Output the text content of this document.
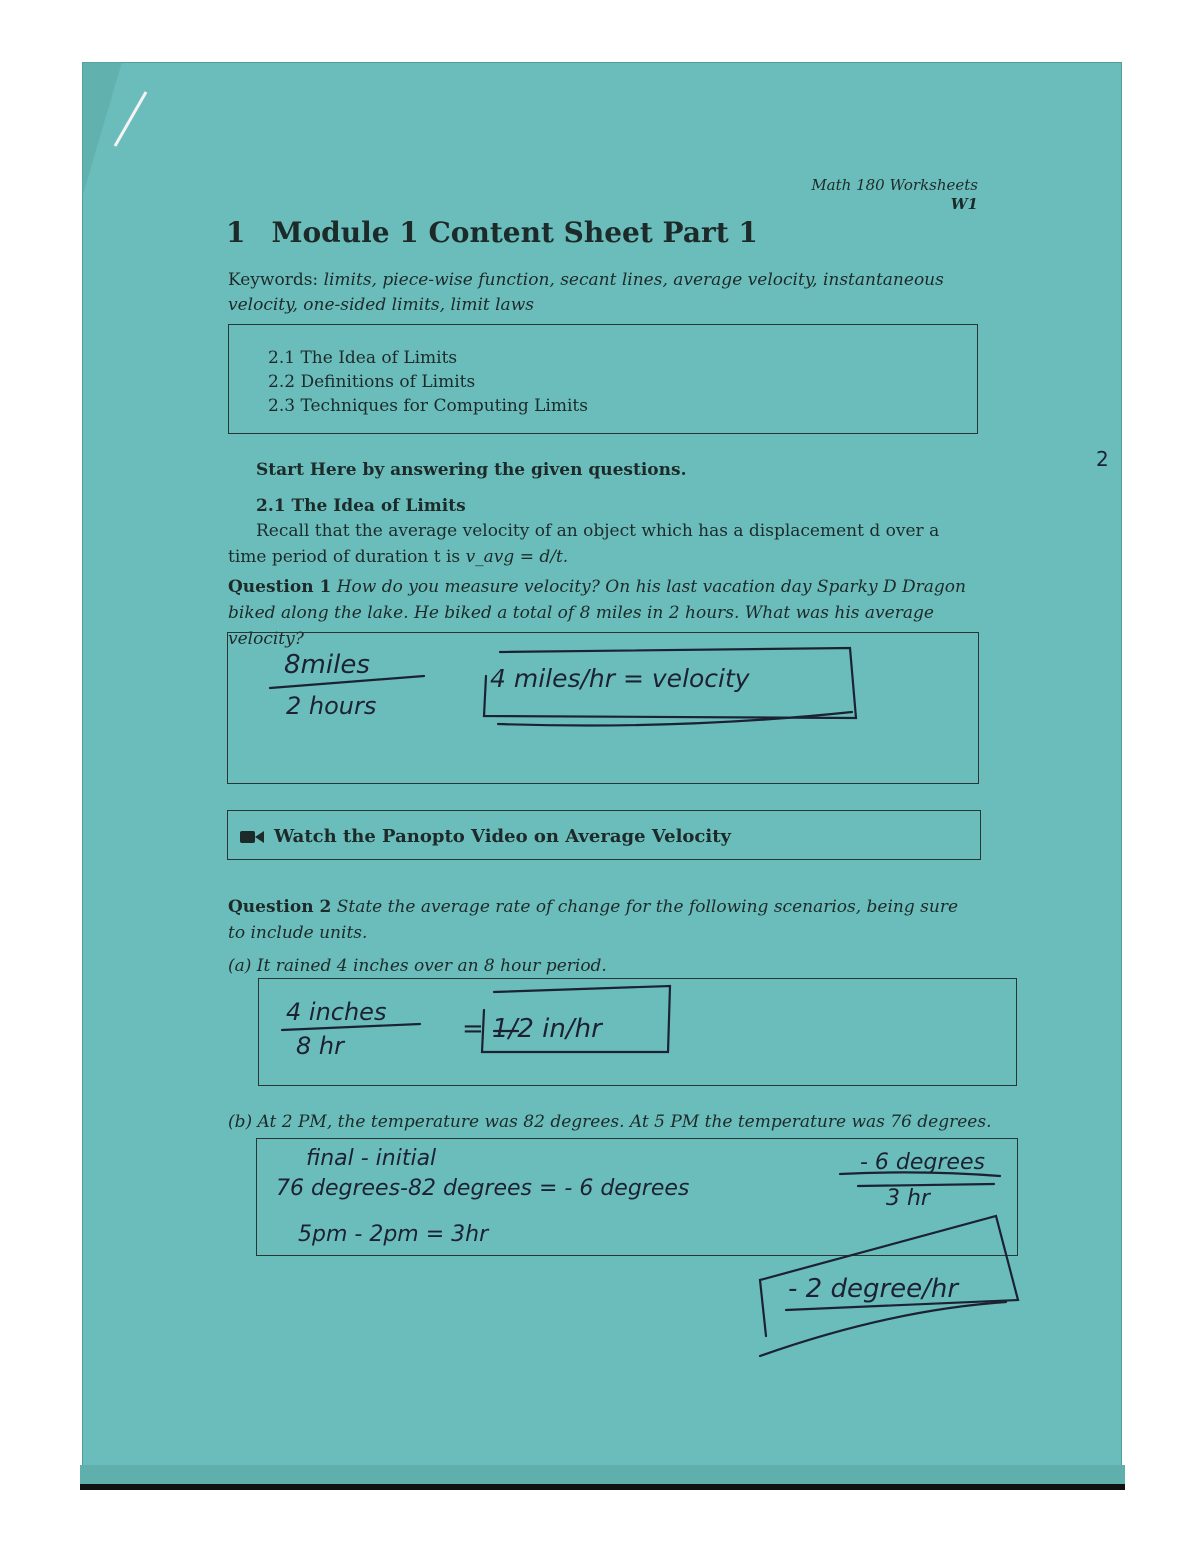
Math 180 Worksheets
W1
1 Module 1 Content Sheet Part 1
Keywords: limits, piece-wise function, secant lines, average velocity, instantaneous velocity, one-sided limits, limit laws
2.1 The Idea of Limits
2.2 Definitions of Limits
2.3 Techniques for Computing Limits
Start Here by answering the given questions.
2.1 The Idea of Limits
Recall that the average velocity of an object which has a displacement d over a time period of duration t is v_avg = d/t.
Question 1 How do you measure velocity? On his last vacation day Sparky D Dragon biked along the lake. He biked a total of 8 miles in 2 hours. What was his average velocity?
8miles
2 hours
4 miles/hr = velocity
Watch the Panopto Video on Average Velocity
Question 2 State the average rate of change for the following scenarios, being sure to include units.
(a) It rained 4 inches over an 8 hour period.
4 inches
8 hr
= 1/2 in/hr
(b) At 2 PM, the temperature was 82 degrees. At 5 PM the temperature was 76 degrees.
final - initial
76 degrees-82 degrees = - 6 degrees
5pm - 2pm = 3hr
- 6 degrees
3 hr
- 2 degree/hr
2
